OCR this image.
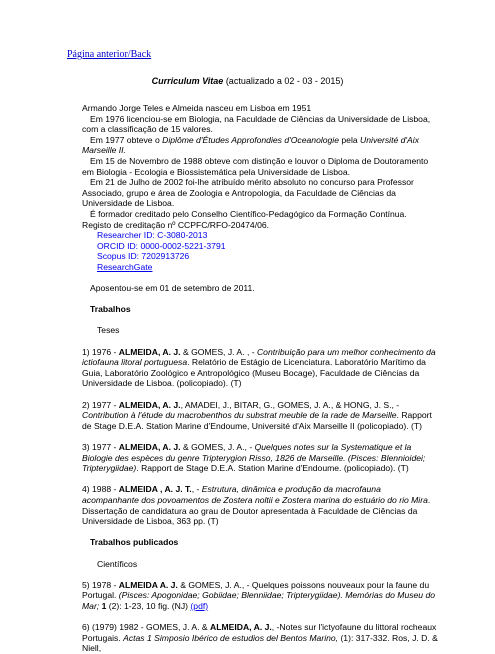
Página anterior/Back
Curriculum Vitae (actualizado a 02 - 03 - 2015)

Armando Jorge Teles e Almeida nasceu em Lisboa em 1951

Em 1976 licenciou-se em Biologia, na Faculdade de Ciências da Universidade de Lisboa, com a classificação de 15 valores.

Em 1977 obteve o Diplôme d'Études Approfondies d'Oceanologie pela Université d'Aix Marseille II.

Em 15 de Novembro de 1988 obteve com distinção e louvor o Diploma de Doutoramento em Biologia - Ecologia e Biossistemática pela Universidade de Lisboa.

Em 21 de Julho de 2002 foi-lhe atribuído mérito absoluto no concurso para Professor Associado, grupo e área de Zoologia e Antropologia, da Faculdade de Ciências da Universidade de Lisboa.

É formador creditado pelo Conselho Científico-Pedagógico da Formação Contínua. Registo de creditação nº CCPFC/RFO-20474/06.

Researcher ID: C-3080-2013

ORCID ID: 0000-0002-5221-3791

Scopus ID: 7202913726

ResearchGate

Aposentou-se em 01 de setembro de 2011.

Trabalhos

Teses

1) 1976 - ALMEIDA, A. J. & GOMES, J. A. , - Contribuição para um melhor conhecimento da ictiofauna litoral portuguesa. Relatório de Estágio de Licenciatura. Laboratório Marítimo da Guia, Laboratório Zoológico e Antropológico (Museu Bocage), Faculdade de Ciências da Universidade de Lisboa. (policopiado). (T)

2) 1977 - ALMEIDA, A. J., AMADEI, J., BITAR, G., GOMES, J. A., & HONG, J. S., - Contribution à l'étude du macrobenthos du substrat meuble de la rade de Marseille. Rapport de Stage D.E.A. Station Marine d'Endoume, Université d'Aix Marseille II (policopiado). (T)

3) 1977 - ALMEIDA, A. J. & GOMES, J. A., - Quelques notes sur la Systematique et la Biologie des espèces du genre Tripterygion Risso, 1826 de Marseille. (Pisces: Blennioidei; Tripterygiidae). Rapport de Stage D.E.A. Station Marine d'Endoume. (policopiado). (T)

4) 1988 - ALMEIDA , A. J. T., - Estrutura, dinâmica e produção da macrofauna acompanhante dos povoamentos de Zostera noltii e Zostera marina do estuário do rio Mira. Dissertação de candidatura ao grau de Doutor apresentada à Faculdade de Ciências da Universidade de Lisboa, 363 pp. (T)

Trabalhos publicados

Científicos

5) 1978 - ALMEIDA A. J. & GOMES, J. A., - Quelques poissons nouveaux pour la faune du Portugal. (Pisces: Apogonidae; Gobiidae; Blenniidae; Tripterygiidae). Memórias do Museu do Mar; 1 (2): 1-23, 10 fig. (NJ) (pdf)

6) (1979) 1982 - GOMES, J. A. & ALMEIDA, A. J., -Notes sur l'ictyofaune du littoral rocheaux Portugais. Actas 1 Simposio Ibérico de estudios del Bentos Marino, (1): 317-332. Ros, J. D. & Niell,
